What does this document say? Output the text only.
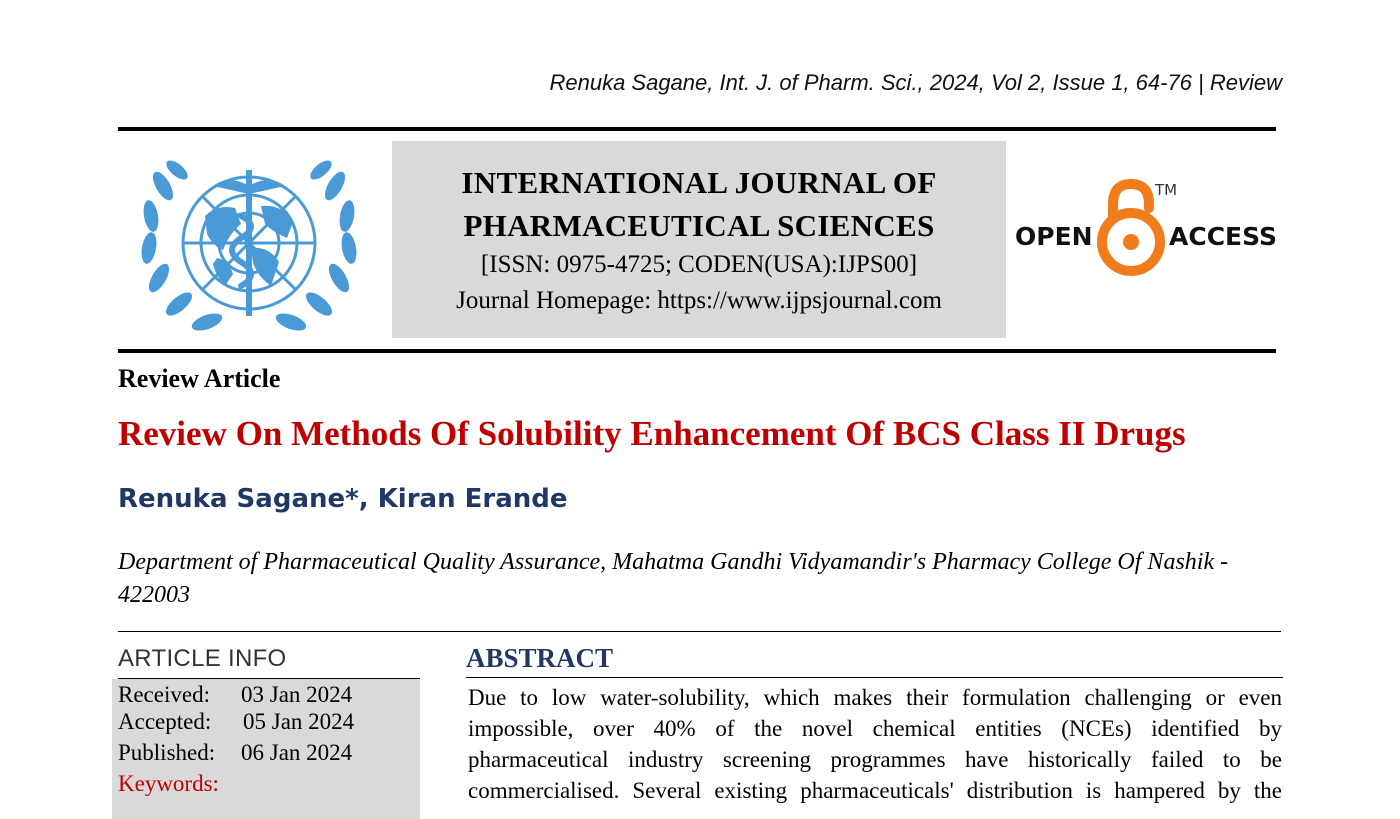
Renuka Sagane, Int. J. of Pharm. Sci., 2024, Vol 2, Issue 1, 64-76 | Review
INTERNATIONAL JOURNAL OF
PHARMACEUTICAL SCIENCES
[ISSN: 0975-4725; CODEN(USA):IJPS00]
Journal Homepage: https://www.ijpsjournal.com
OPEN
TM
ACCESS
Review Article
Review On Methods Of Solubility Enhancement Of BCS Class II Drugs
Renuka Sagane*, Kiran Erande
Department of Pharmaceutical Quality Assurance, Mahatma Gandhi Vidyamandir's Pharmacy College Of Nashik - 422003
ARTICLE INFO
Received: 03 Jan 2024
Accepted: 05 Jan 2024
Published: 06 Jan 2024
Keywords:
ABSTRACT
Due to low water-solubility, which makes their formulation challenging or even
impossible, over 40% of the novel chemical entities (NCEs) identified by
pharmaceutical industry screening programmes have historically failed to be
commercialised. Several existing pharmaceuticals' distribution is hampered by the
